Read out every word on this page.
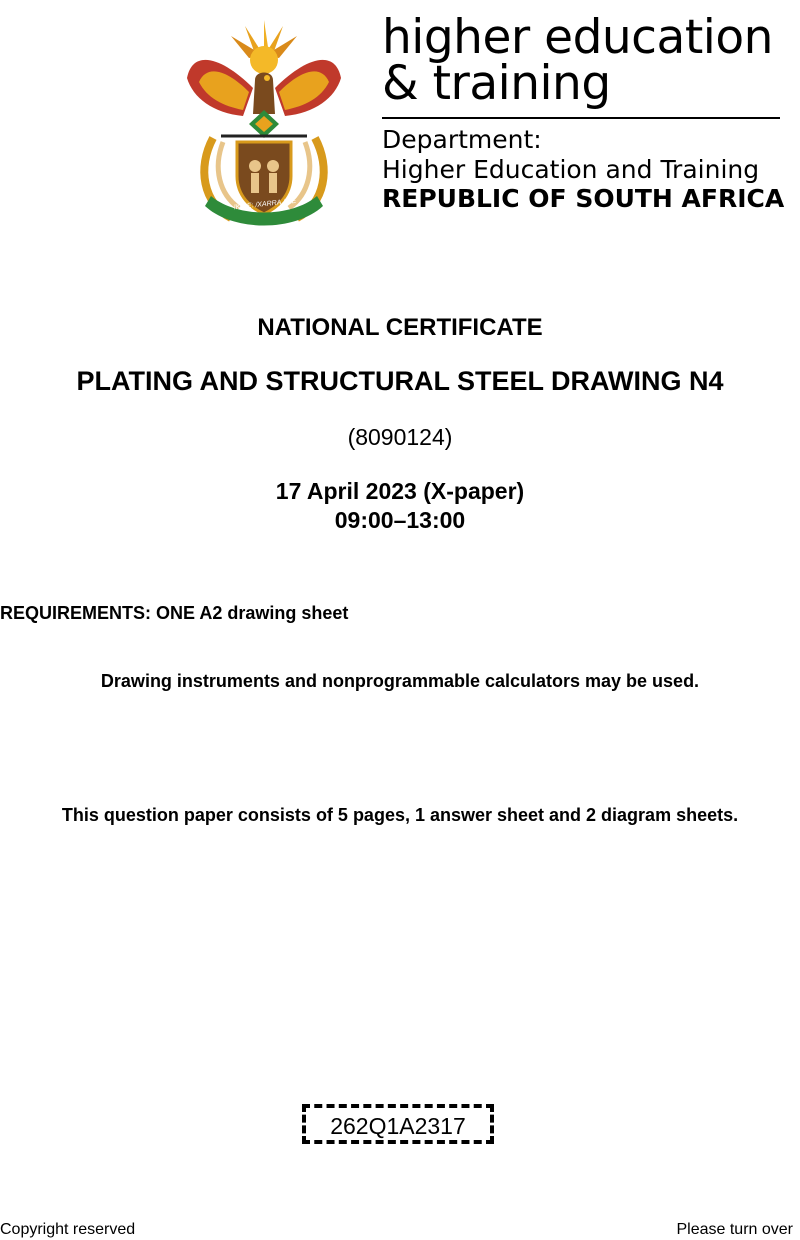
!KE E: /XARRA //KE
higher education
& training
Department:
Higher Education and Training
REPUBLIC OF SOUTH AFRICA
NATIONAL CERTIFICATE
PLATING AND STRUCTURAL STEEL DRAWING N4
(8090124)
17 April 2023 (X-paper)
09:00–13:00
REQUIREMENTS: ONE A2 drawing sheet
Drawing instruments and nonprogrammable calculators may be used.
This question paper consists of 5 pages, 1 answer sheet and 2 diagram sheets.
262Q1A2317
Copyright reserved	Please turn over
